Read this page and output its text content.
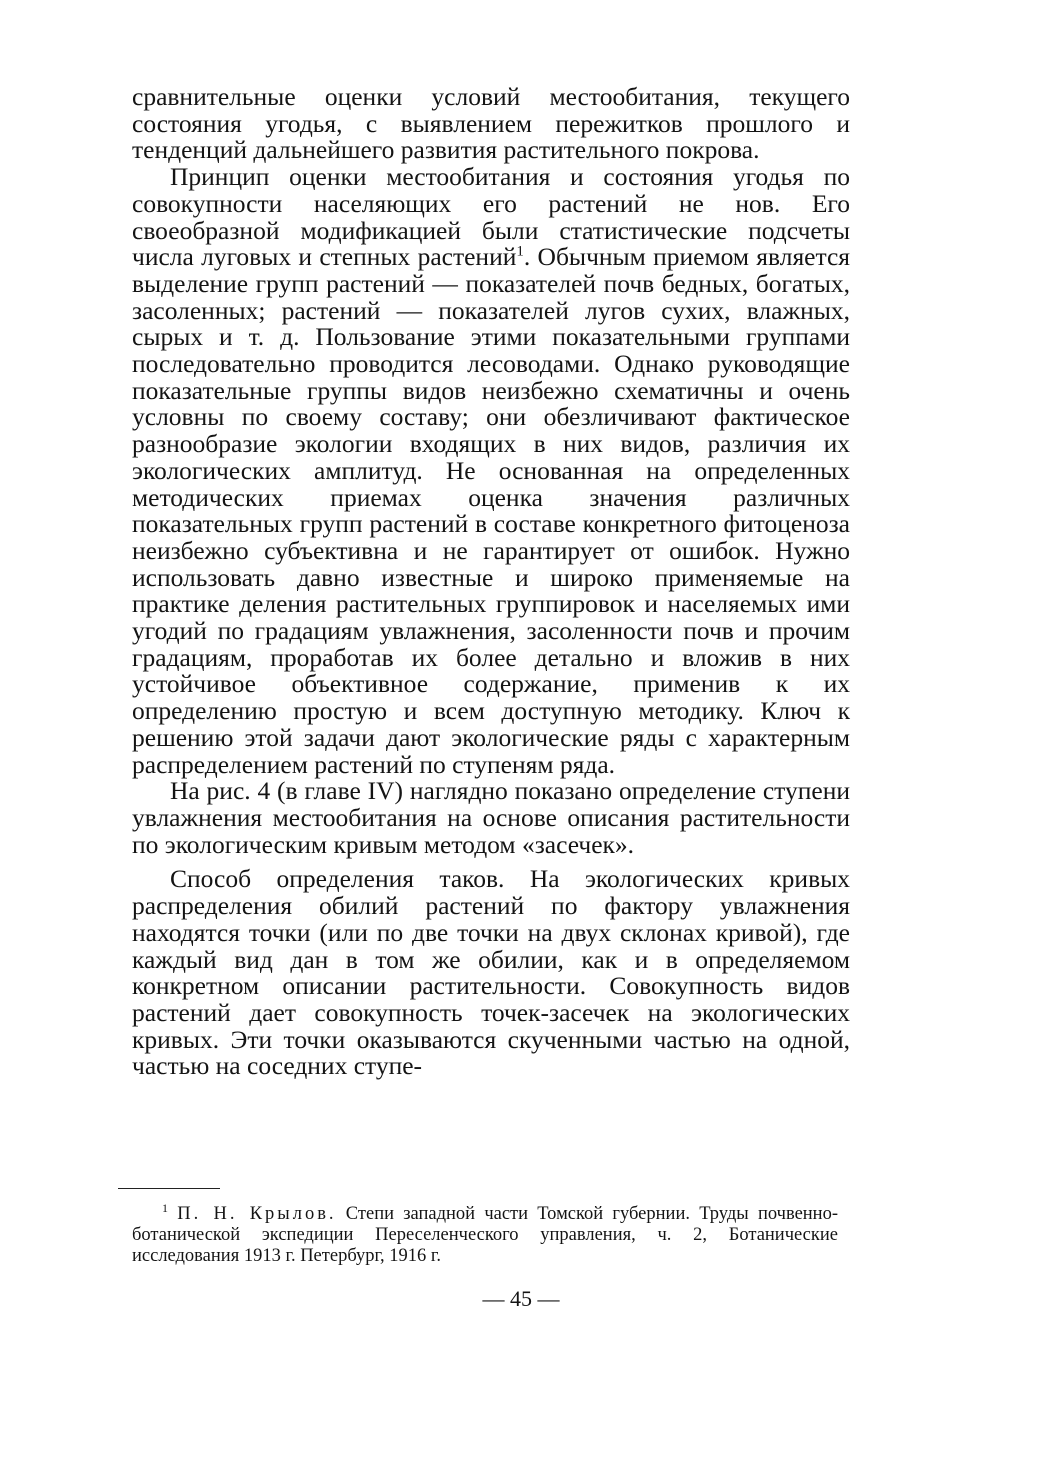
сравнительные оценки условий местообитания, текущего состояния угодья, с выявлением пережитков прошлого и тенденций дальнейшего развития растительного покрова.

Принцип оценки местообитания и состояния угодья по совокупности населяющих его растений не нов. Его своеобразной модификацией были статистические подсчеты числа луговых и степных растений$^1$. Обычным приемом является выделение групп растений — показателей почв бедных, богатых, засоленных; растений — показателей лугов сухих, влажных, сырых и т. д. Пользование этими показательными группами последовательно проводится лесоводами. Однако руководящие показательные группы видов неизбежно схематичны и очень условны по своему составу; они обезличивают фактическое разнообразие экологии входящих в них видов, различия их экологических амплитуд. Не основанная на определенных методических приемах оценка значения различных показательных групп растений в составе конкретного фитоценоза неизбежно субъективна и не гарантирует от ошибок. Нужно использовать давно известные и широко применяемые на практике деления растительных группировок и населяемых ими угодий по градациям увлажнения, засоленности почв и прочим градациям, проработав их более детально и вложив в них устойчивое объективное содержание, применив к их определению простую и всем доступную методику. Ключ к решению этой задачи дают экологические ряды с характерным распределением растений по ступеням ряда.

На рис. 4 (в главе IV) наглядно показано определение ступени увлажнения местообитания на основе описания растительности по экологическим кривым методом «засечек».

Способ определения таков. На экологических кривых распределения обилий растений по фактору увлажнения находятся точки (или по две точки на двух склонах кривой), где каждый вид дан в том же обилии, как и в определяемом конкретном описании растительности. Совокупность видов растений дает совокупность точек-засечек на экологических кривых. Эти точки оказываются скученными частью на одной, частью на соседних ступе-

$^1$ П. Н. Крылов. Степи западной части Томской губернии. Труды почвенно-ботанической экспедиции Переселенческого управления, ч. 2, Ботанические исследования 1913 г. Петербург, 1916 г.

— 45 —
